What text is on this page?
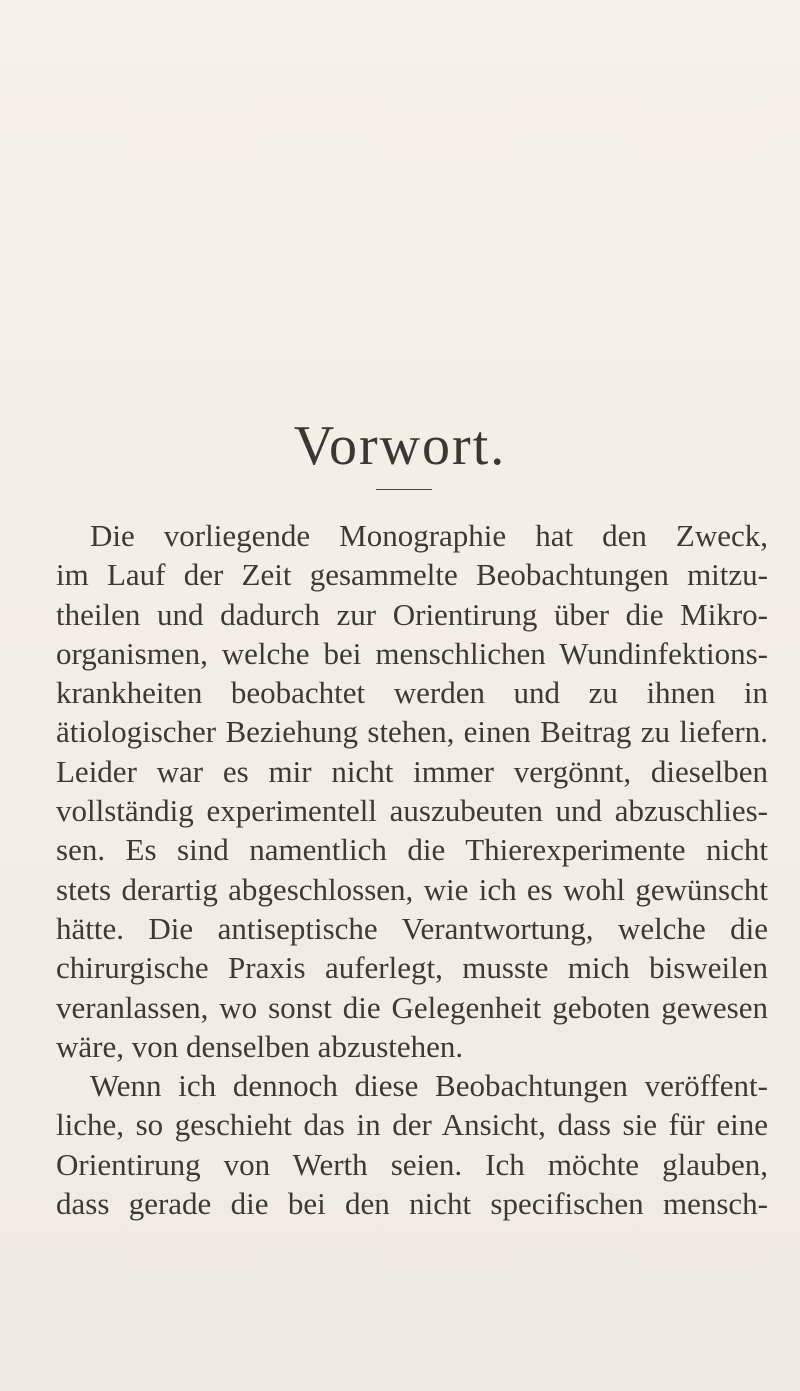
Vorwort.
Die vorliegende Monographie hat den Zweck,
im Lauf der Zeit gesammelte Beobachtungen mitzu-
theilen und dadurch zur Orientirung über die Mikro-
organismen, welche bei menschlichen Wundinfektions-
krankheiten beobachtet werden und zu ihnen in
ätiologischer Beziehung stehen, einen Beitrag zu liefern.
Leider war es mir nicht immer vergönnt, dieselben
vollständig experimentell auszubeuten und abzuschlies-
sen. Es sind namentlich die Thierexperimente nicht
stets derartig abgeschlossen, wie ich es wohl gewünscht
hätte. Die antiseptische Verantwortung, welche die
chirurgische Praxis auferlegt, musste mich bisweilen
veranlassen, wo sonst die Gelegenheit geboten gewesen
wäre, von denselben abzustehen.
Wenn ich dennoch diese Beobachtungen veröffent-
liche, so geschieht das in der Ansicht, dass sie für eine
Orientirung von Werth seien. Ich möchte glauben,
dass gerade die bei den nicht specifischen mensch-
